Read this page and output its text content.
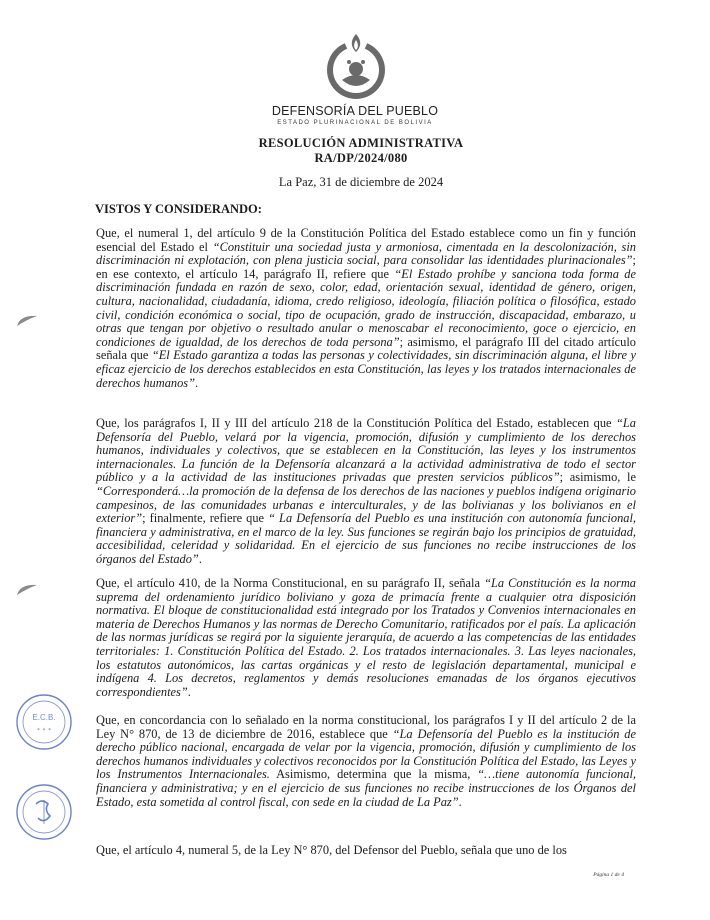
DEFENSORÍA DEL PUEBLO
ESTADO PLURINACIONAL DE BOLIVIA
RESOLUCIÓN ADMINISTRATIVA
RA/DP/2024/080
La Paz, 31 de diciembre de 2024
VISTOS Y CONSIDERANDO:
Que, el numeral 1, del artículo 9 de la Constitución Política del Estado establece como un fin y función esencial del Estado el “Constituir una sociedad justa y armoniosa, cimentada en la descolonización, sin discriminación ni explotación, con plena justicia social, para consolidar las identidades plurinacionales”; en ese contexto, el artículo 14, parágrafo II, refiere que “El Estado prohíbe y sanciona toda forma de discriminación fundada en razón de sexo, color, edad, orientación sexual, identidad de género, origen, cultura, nacionalidad, ciudadanía, idioma, credo religioso, ideología, filiación política o filosófica, estado civil, condición económica o social, tipo de ocupación, grado de instrucción, discapacidad, embarazo, u otras que tengan por objetivo o resultado anular o menoscabar el reconocimiento, goce o ejercicio, en condiciones de igualdad, de los derechos de toda persona”; asimismo, el parágrafo III del citado artículo señala que “El Estado garantiza a todas las personas y colectividades, sin discriminación alguna, el libre y eficaz ejercicio de los derechos establecidos en esta Constitución, las leyes y los tratados internacionales de derechos humanos”.
Que, los parágrafos I, II y III del artículo 218 de la Constitución Política del Estado, establecen que “La Defensoría del Pueblo, velará por la vigencia, promoción, difusión y cumplimiento de los derechos humanos, individuales y colectivos, que se establecen en la Constitución, las leyes y los instrumentos internacionales. La función de la Defensoría alcanzará a la actividad administrativa de todo el sector público y a la actividad de las instituciones privadas que presten servicios públicos”; asimismo, le “Corresponderá…la promoción de la defensa de los derechos de las naciones y pueblos indígena originario campesinos, de las comunidades urbanas e interculturales, y de las bolivianas y los bolivianos en el exterior”; finalmente, refiere que “ La Defensoría del Pueblo es una institución con autonomía funcional, financiera y administrativa, en el marco de la ley. Sus funciones se regirán bajo los principios de gratuidad, accesibilidad, celeridad y solidaridad. En el ejercicio de sus funciones no recibe instrucciones de los órganos del Estado”.
Que, el artículo 410, de la Norma Constitucional, en su parágrafo II, señala “La Constitución es la norma suprema del ordenamiento jurídico boliviano y goza de primacía frente a cualquier otra disposición normativa. El bloque de constitucionalidad está integrado por los Tratados y Convenios internacionales en materia de Derechos Humanos y las normas de Derecho Comunitario, ratificados por el país. La aplicación de las normas jurídicas se regirá por la siguiente jerarquía, de acuerdo a las competencias de las entidades territoriales: 1. Constitución Política del Estado. 2. Los tratados internacionales. 3. Las leyes nacionales, los estatutos autonómicos, las cartas orgánicas y el resto de legislación departamental, municipal e indígena 4. Los decretos, reglamentos y demás resoluciones emanadas de los órganos ejecutivos correspondientes”.
Que, en concordancia con lo señalado en la norma constitucional, los parágrafos I y II del artículo 2 de la Ley N° 870, de 13 de diciembre de 2016, establece que “La Defensoría del Pueblo es la institución de derecho público nacional, encargada de velar por la vigencia, promoción, difusión y cumplimiento de los derechos humanos individuales y colectivos reconocidos por la Constitución Política del Estado, las Leyes y los Instrumentos Internacionales. Asimismo, determina que la misma, “…tiene autonomía funcional, financiera y administrativa; y en el ejercicio de sus funciones no recibe instrucciones de los Órganos del Estado, esta sometida al control fiscal, con sede en la ciudad de La Paz”.
Que, el artículo 4, numeral 5, de la Ley N° 870, del Defensor del Pueblo, señala que uno de los
Página 1 de 4
E.C.B.
✶ ✶ ✶
